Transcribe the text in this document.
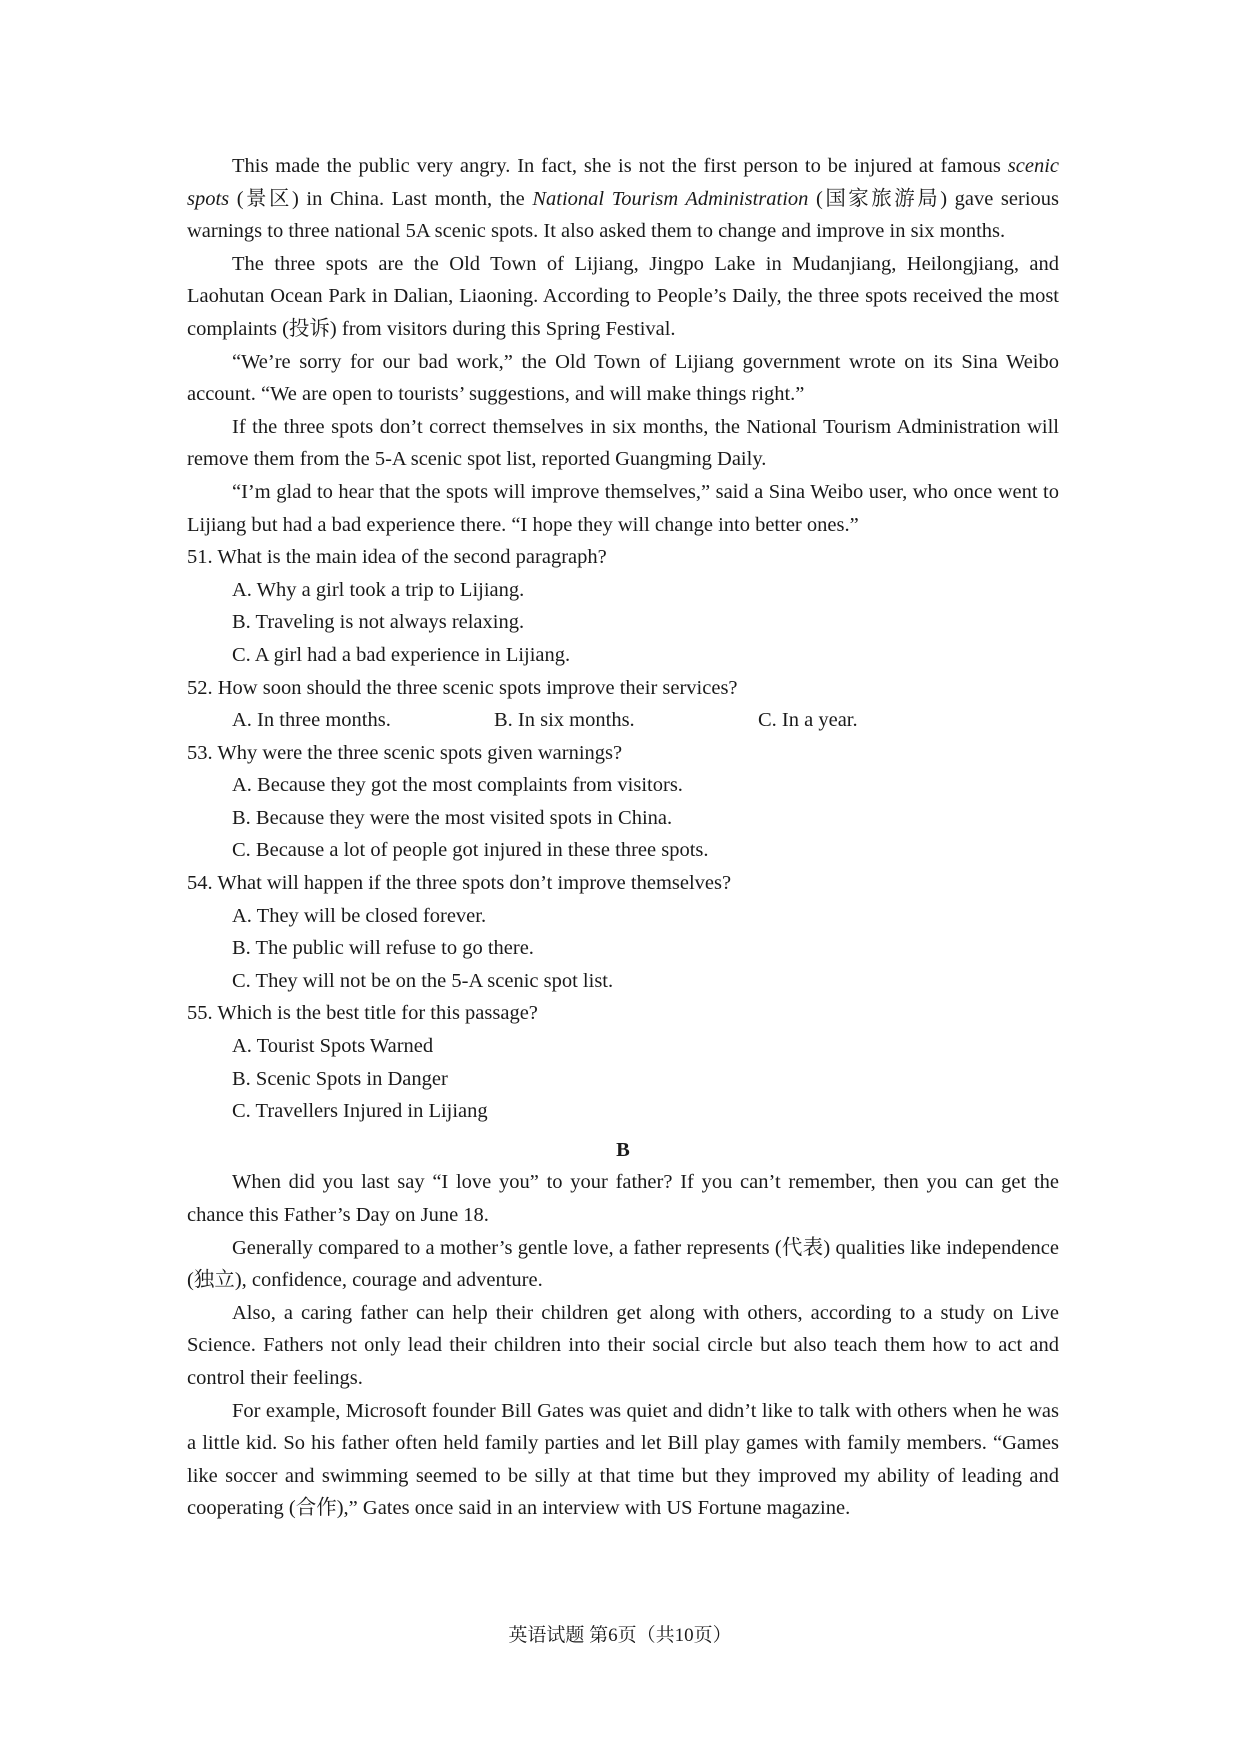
This made the public very angry. In fact, she is not the first person to be injured at famous scenic spots (景区) in China. Last month, the National Tourism Administration (国家旅游局) gave serious warnings to three national 5A scenic spots. It also asked them to change and improve in six months.

The three spots are the Old Town of Lijiang, Jingpo Lake in Mudanjiang, Heilongjiang, and Laohutan Ocean Park in Dalian, Liaoning. According to People’s Daily, the three spots received the most complaints (投诉) from visitors during this Spring Festival.

“We’re sorry for our bad work,” the Old Town of Lijiang government wrote on its Sina Weibo account. “We are open to tourists’ suggestions, and will make things right.”

If the three spots don’t correct themselves in six months, the National Tourism Administration will remove them from the 5-A scenic spot list, reported Guangming Daily.

“I’m glad to hear that the spots will improve themselves,” said a Sina Weibo user, who once went to Lijiang but had a bad experience there. “I hope they will change into better ones.”

51. What is the main idea of the second paragraph?

A. Why a girl took a trip to Lijiang.

B. Traveling is not always relaxing.

C. A girl had a bad experience in Lijiang.

52. How soon should the three scenic spots improve their services?

A. In three months.	B. In six months.	C. In a year.

53. Why were the three scenic spots given warnings?

A. Because they got the most complaints from visitors.

B. Because they were the most visited spots in China.

C. Because a lot of people got injured in these three spots.

54. What will happen if the three spots don’t improve themselves?

A. They will be closed forever.

B. The public will refuse to go there.

C. They will not be on the 5-A scenic spot list.

55. Which is the best title for this passage?

A. Tourist Spots Warned

B. Scenic Spots in Danger

C. Travellers Injured in Lijiang

B

When did you last say “I love you” to your father? If you can’t remember, then you can get the chance this Father’s Day on June 18.

Generally compared to a mother’s gentle love, a father represents (代表) qualities like independence (独立), confidence, courage and adventure.

Also, a caring father can help their children get along with others, according to a study on Live Science. Fathers not only lead their children into their social circle but also teach them how to act and control their feelings.

For example, Microsoft founder Bill Gates was quiet and didn’t like to talk with others when he was a little kid. So his father often held family parties and let Bill play games with family members. “Games like soccer and swimming seemed to be silly at that time but they improved my ability of leading and cooperating (合作),” Gates once said in an interview with US Fortune magazine.

英语试题 第6页（共10页）
